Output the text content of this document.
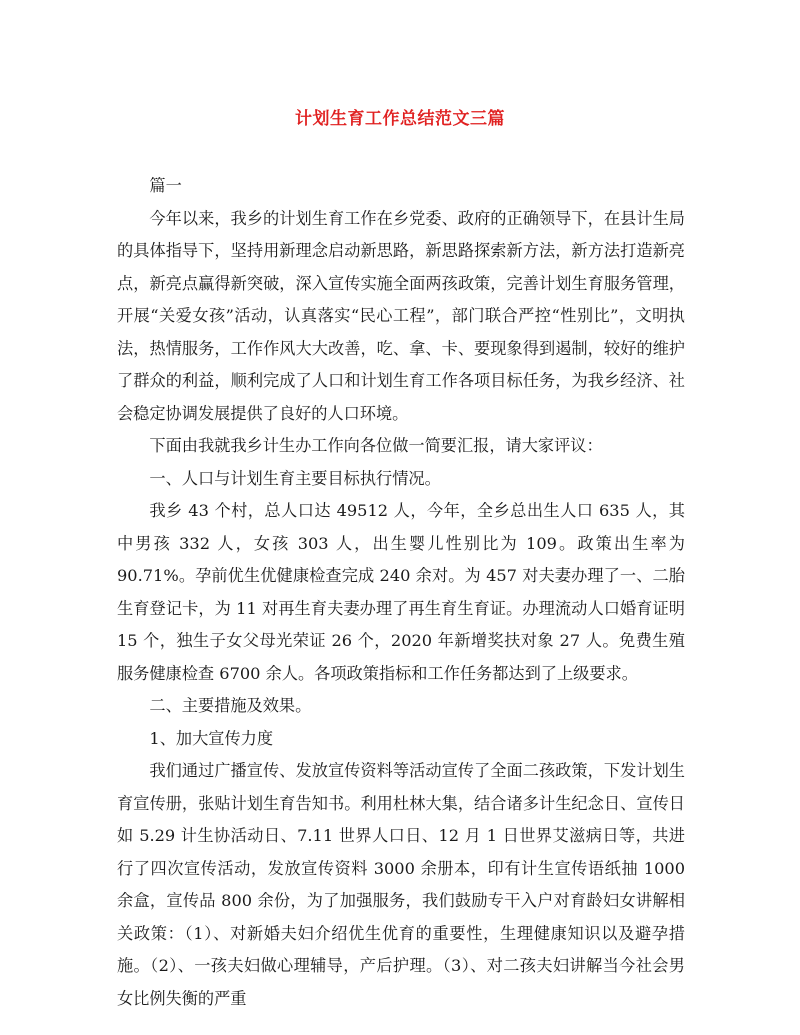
计划生育工作总结范文三篇

篇一

今年以来，我乡的计划生育工作在乡党委、政府的正确领导下，在县计生局的具体指导下，坚持用新理念启动新思路，新思路探索新方法，新方法打造新亮点，新亮点赢得新突破，深入宣传实施全面两孩政策，完善计划生育服务管理，开展“关爱女孩”活动，认真落实“民心工程”，部门联合严控“性别比”，文明执法，热情服务，工作作风大大改善，吃、拿、卡、要现象得到遏制，较好的维护了群众的利益，顺利完成了人口和计划生育工作各项目标任务，为我乡经济、社会稳定协调发展提供了良好的人口环境。

下面由我就我乡计生办工作向各位做一简要汇报，请大家评议：

一、人口与计划生育主要目标执行情况。

我乡 43 个村，总人口达 49512 人，今年，全乡总出生人口 635 人，其中男孩 332 人，女孩 303 人，出生婴儿性别比为 109。政策出生率为 90.71%。孕前优生优健康检查完成 240 余对。为 457 对夫妻办理了一、二胎生育登记卡，为 11 对再生育夫妻办理了再生育生育证。办理流动人口婚育证明 15 个，独生子女父母光荣证 26 个，2020 年新增奖扶对象 27 人。免费生殖服务健康检查 6700 余人。各项政策指标和工作任务都达到了上级要求。

二、主要措施及效果。

1、加大宣传力度

我们通过广播宣传、发放宣传资料等活动宣传了全面二孩政策，下发计划生育宣传册，张贴计划生育告知书。利用杜林大集，结合诸多计生纪念日、宣传日如 5.29 计生协活动日、7.11 世界人口日、12 月 1 日世界艾滋病日等，共进行了四次宣传活动，发放宣传资料 3000 余册本，印有计生宣传语纸抽 1000 余盒，宣传品 800 余份，为了加强服务，我们鼓励专干入户对育龄妇女讲解相关政策：（1）、对新婚夫妇介绍优生优育的重要性，生理健康知识以及避孕措施。（2）、一孩夫妇做心理辅导，产后护理。（3）、对二孩夫妇讲解当今社会男女比例失衡的严重
